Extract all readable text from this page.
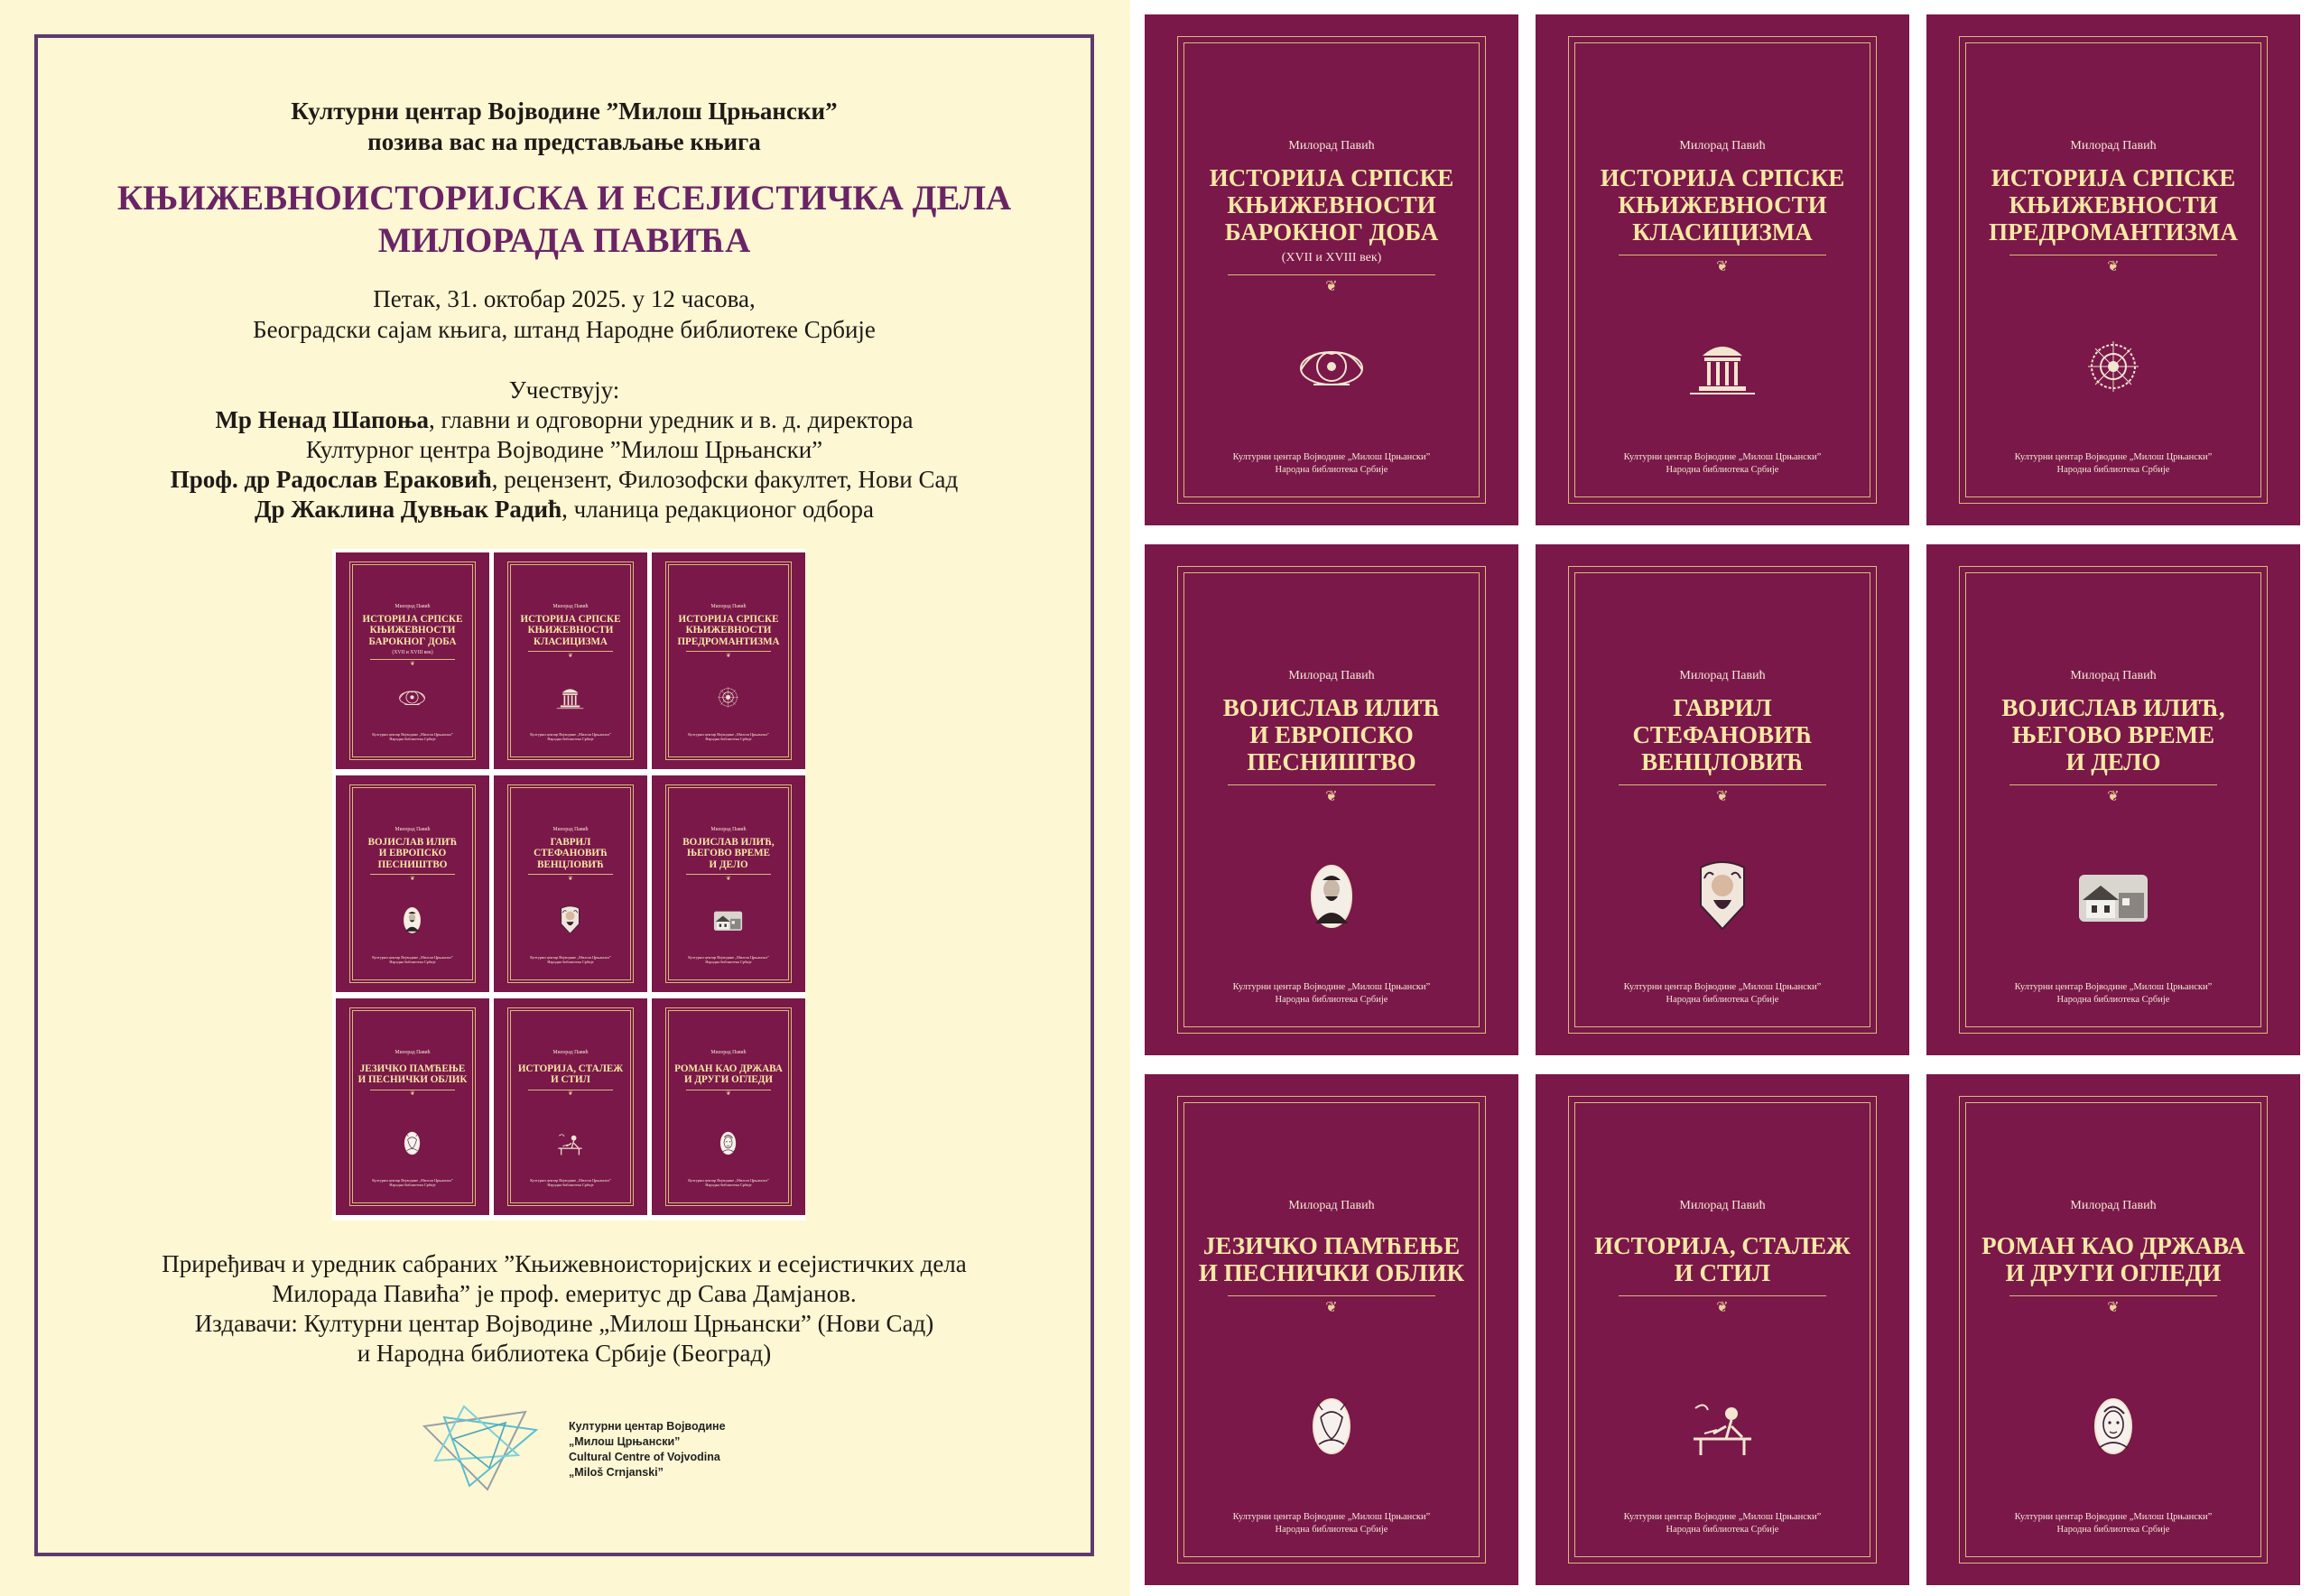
Културни центар Војводине ”Милош Црњански”
позива вас на представљање књига
КЊИЖЕВНОИСТОРИЈСКА И ЕСЕЈИСТИЧКА ДЕЛА
МИЛОРАДА ПАВИЋА
Петак, 31. октобар 2025. у 12 часова,
Београдски сајам књига, штанд Народне библиотеке Србије
Учествују:
Мр Ненад Шапоња, главни и одговорни уредник и в. д. директора
Културног центра Војводине ”Милош Црњански”
Проф. др Радослав Ераковић, рецензент, Филозофски факултет, Нови Сад
Др Жаклина Дувњак Радић, чланица редакционог одбора
Приређивач и уредник сабраних ”Књижевноисторијских и есејистичких дела
Милорада Павића” је проф. емеритус др Сава Дамјанов.
Издавачи: Културни центар Војводине „Милош Црњански” (Нови Сад)
и Народна библиотека Србије (Београд)
Културни центар Војводине
„Милош Црњански”
Cultural Centre of Vojvodina
„Miloš Crnjanski”
Милорад Павић
ИСТОРИЈА СРПСКЕ
КЊИЖЕВНОСТИ
БАРОКНОГ ДОБА
(XVII и XVIII век)
❦
Културни центар Војводине „Милош Црњански”
Народна библиотека Србије
Милорад Павић
ИСТОРИЈА СРПСКЕ
КЊИЖЕВНОСТИ
КЛАСИЦИЗМА
❦
Културни центар Војводине „Милош Црњански”
Народна библиотека Србије
Милорад Павић
ИСТОРИЈА СРПСКЕ
КЊИЖЕВНОСТИ
ПРЕДРОМАНТИЗМА
❦
Културни центар Војводине „Милош Црњански”
Народна библиотека Србије
Милорад Павић
ВОЈИСЛАВ ИЛИЋ
И ЕВРОПСКО
ПЕСНИШТВО
❦
Културни центар Војводине „Милош Црњански”
Народна библиотека Србије
Милорад Павић
ГАВРИЛ
СТЕФАНОВИЋ
ВЕНЦЛОВИЋ
❦
Културни центар Војводине „Милош Црњански”
Народна библиотека Србије
Милорад Павић
ВОЈИСЛАВ ИЛИЋ,
ЊЕГОВО ВРЕМЕ
И ДЕЛО
❦
Културни центар Војводине „Милош Црњански”
Народна библиотека Србије
Милорад Павић
ЈЕЗИЧКО ПАМЋЕЊЕ
И ПЕСНИЧКИ ОБЛИК
❦
Културни центар Војводине „Милош Црњански”
Народна библиотека Србије
Милорад Павић
ИСТОРИЈА, СТАЛЕЖ
И СТИЛ
❦
Културни центар Војводине „Милош Црњански”
Народна библиотека Србије
Милорад Павић
РОМАН КАО ДРЖАВА
И ДРУГИ ОГЛЕДИ
❦
Културни центар Војводине „Милош Црњански”
Народна библиотека Србије
Милорад Павић
ИСТОРИЈА СРПСКЕ
КЊИЖЕВНОСТИ
БАРОКНОГ ДОБА
(XVII и XVIII век)
❦
Културни центар Војводине „Милош Црњански”
Народна библиотека Србије
Милорад Павић
ИСТОРИЈА СРПСКЕ
КЊИЖЕВНОСТИ
КЛАСИЦИЗМА
❦
Културни центар Војводине „Милош Црњански”
Народна библиотека Србије
Милорад Павић
ИСТОРИЈА СРПСКЕ
КЊИЖЕВНОСТИ
ПРЕДРОМАНТИЗМА
❦
Културни центар Војводине „Милош Црњански”
Народна библиотека Србије
Милорад Павић
ВОЈИСЛАВ ИЛИЋ
И ЕВРОПСКО
ПЕСНИШТВО
❦
Културни центар Војводине „Милош Црњански”
Народна библиотека Србије
Милорад Павић
ГАВРИЛ
СТЕФАНОВИЋ
ВЕНЦЛОВИЋ
❦
Културни центар Војводине „Милош Црњански”
Народна библиотека Србије
Милорад Павић
ВОЈИСЛАВ ИЛИЋ,
ЊЕГОВО ВРЕМЕ
И ДЕЛО
❦
Културни центар Војводине „Милош Црњански”
Народна библиотека Србије
Милорад Павић
ЈЕЗИЧКО ПАМЋЕЊЕ
И ПЕСНИЧКИ ОБЛИК
❦
Културни центар Војводине „Милош Црњански”
Народна библиотека Србије
Милорад Павић
ИСТОРИЈА, СТАЛЕЖ
И СТИЛ
❦
Културни центар Војводине „Милош Црњански”
Народна библиотека Србије
Милорад Павић
РОМАН КАО ДРЖАВА
И ДРУГИ ОГЛЕДИ
❦
Културни центар Војводине „Милош Црњански”
Народна библиотека Србије
